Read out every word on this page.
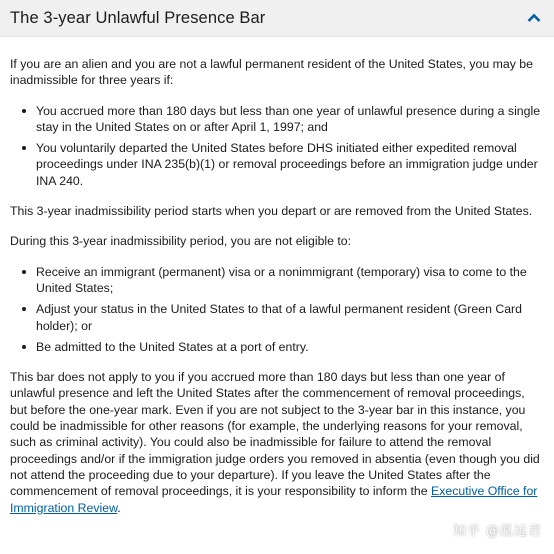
The 3-year Unlawful Presence Bar

If you are an alien and you are not a lawful permanent resident of the United States, you may be inadmissible for three years if:

You accrued more than 180 days but less than one year of unlawful presence during a single stay in the United States on or after April 1, 1997; and
You voluntarily departed the United States before DHS initiated either expedited removal proceedings under INA 235(b)(1) or removal proceedings before an immigration judge under INA 240.

This 3-year inadmissibility period starts when you depart or are removed from the United States.

During this 3-year inadmissibility period, you are not eligible to:

Receive an immigrant (permanent) visa or a nonimmigrant (temporary) visa to come to the United States;
Adjust your status in the United States to that of a lawful permanent resident (Green Card holder); or
Be admitted to the United States at a port of entry.

This bar does not apply to you if you accrued more than 180 days but less than one year of unlawful presence and left the United States after the commencement of removal proceedings, but before the one-year mark. Even if you are not subject to the 3-year bar in this instance, you could be inadmissible for other reasons (for example, the underlying reasons for your removal, such as criminal activity). You could also be inadmissible for failure to attend the removal proceedings and/or if the immigration judge orders you removed in absentia (even though you did not attend the proceeding due to your departure). If you leave the United States after the commencement of removal proceedings, it is your responsibility to inform the Executive Office for Immigration Review.

知乎 @泓远君
